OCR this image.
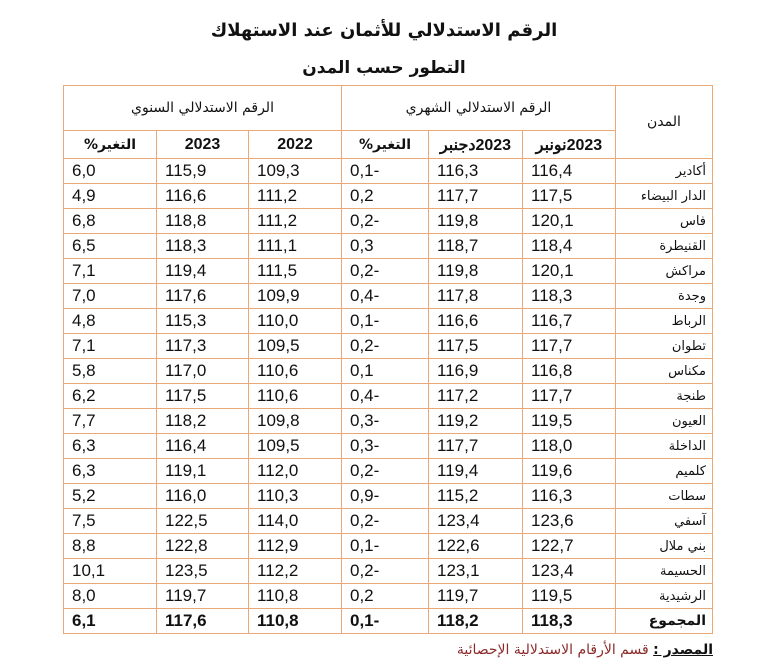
الرقم الاستدلالي للأثمان عند الاستهلاك
التطور حسب المدن
المدن	الرقم الاستدلالي الشهري			الرقم الاستدلالي السنوي		
	2023نونبر	2023دجنبر	التغير%	2022	2023	التغير%
أكادير	116,4	116,3	-0,1	109,3	115,9	6,0
الدار البيضاء	117,5	117,7	0,2	111,2	116,6	4,9
فاس	120,1	119,8	-0,2	111,2	118,8	6,8
القنيطرة	118,4	118,7	0,3	111,1	118,3	6,5
مراكش	120,1	119,8	-0,2	111,5	119,4	7,1
وجدة	118,3	117,8	-0,4	109,9	117,6	7,0
الرباط	116,7	116,6	-0,1	110,0	115,3	4,8
تطوان	117,7	117,5	-0,2	109,5	117,3	7,1
مكناس	116,8	116,9	0,1	110,6	117,0	5,8
طنجة	117,7	117,2	-0,4	110,6	117,5	6,2
العيون	119,5	119,2	-0,3	109,8	118,2	7,7
الداخلة	118,0	117,7	-0,3	109,5	116,4	6,3
كلميم	119,6	119,4	-0,2	112,0	119,1	6,3
سطات	116,3	115,2	-0,9	110,3	116,0	5,2
آسفي	123,6	123,4	-0,2	114,0	122,5	7,5
بني ملال	122,7	122,6	-0,1	112,9	122,8	8,8
الحسيمة	123,4	123,1	-0,2	112,2	123,5	10,1
الرشيدية	119,5	119,7	0,2	110,8	119,7	8,0
المجموع	118,3	118,2	-0,1	110,8	117,6	6,1
المصدر : قسم الأرقام الاستدلالية الإحصائية
